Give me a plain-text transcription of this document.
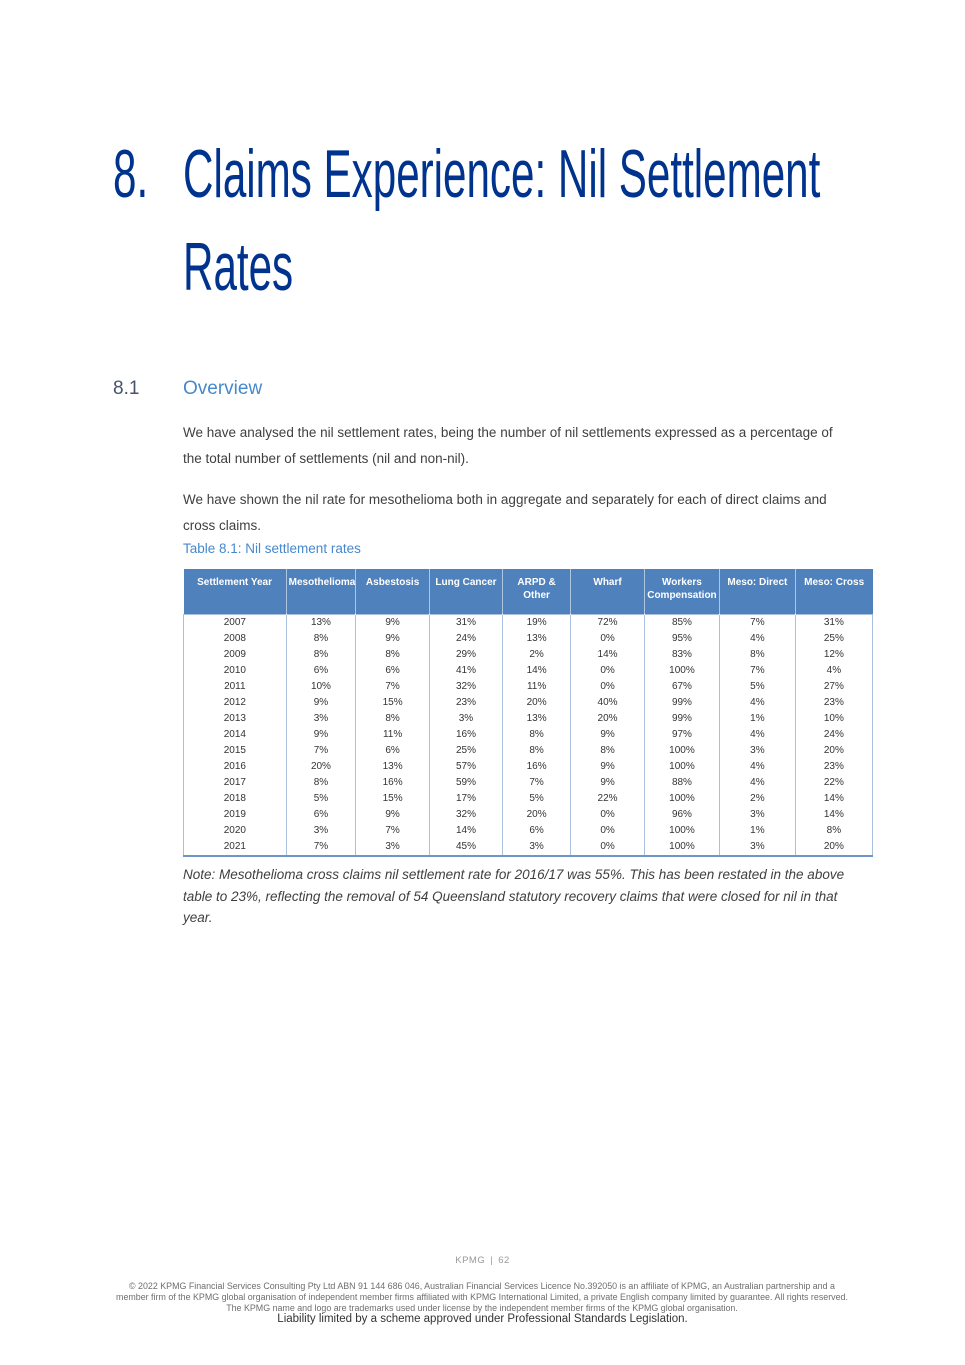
8. Claims Experience: Nil Settlement
Rates
8.1 Overview

We have analysed the nil settlement rates, being the number of nil settlements expressed as a percentage of the total number of settlements (nil and non-nil).

We have shown the nil rate for mesothelioma both in aggregate and separately for each of direct claims and cross claims.

Table 8.1: Nil settlement rates
Settlement Year	Mesothelioma	Asbestosis	Lung Cancer	ARPD & Other	Wharf	Workers Compensation	Meso: Direct	Meso: Cross
2007	13%	9%	31%	19%	72%	85%	7%	31%
2008	8%	9%	24%	13%	0%	95%	4%	25%
2009	8%	8%	29%	2%	14%	83%	8%	12%
2010	6%	6%	41%	14%	0%	100%	7%	4%
2011	10%	7%	32%	11%	0%	67%	5%	27%
2012	9%	15%	23%	20%	40%	99%	4%	23%
2013	3%	8%	3%	13%	20%	99%	1%	10%
2014	9%	11%	16%	8%	9%	97%	4%	24%
2015	7%	6%	25%	8%	8%	100%	3%	20%
2016	20%	13%	57%	16%	9%	100%	4%	23%
2017	8%	16%	59%	7%	9%	88%	4%	22%
2018	5%	15%	17%	5%	22%	100%	2%	14%
2019	6%	9%	32%	20%	0%	96%	3%	14%
2020	3%	7%	14%	6%	0%	100%	1%	8%
2021	7%	3%	45%	3%	0%	100%	3%	20%
Note: Mesothelioma cross claims nil settlement rate for 2016/17 was 55%. This has been restated in the above table to 23%, reflecting the removal of 54 Queensland statutory recovery claims that were closed for nil in that year.
KPMG | 62
© 2022 KPMG Financial Services Consulting Pty Ltd ABN 91 144 686 046, Australian Financial Services Licence No.392050 is an affiliate of KPMG, an Australian partnership and a member firm of the KPMG global organisation of independent member firms affiliated with KPMG International Limited, a private English company limited by guarantee. All rights reserved. The KPMG name and logo are trademarks used under license by the independent member firms of the KPMG global organisation.
Liability limited by a scheme approved under Professional Standards Legislation.
